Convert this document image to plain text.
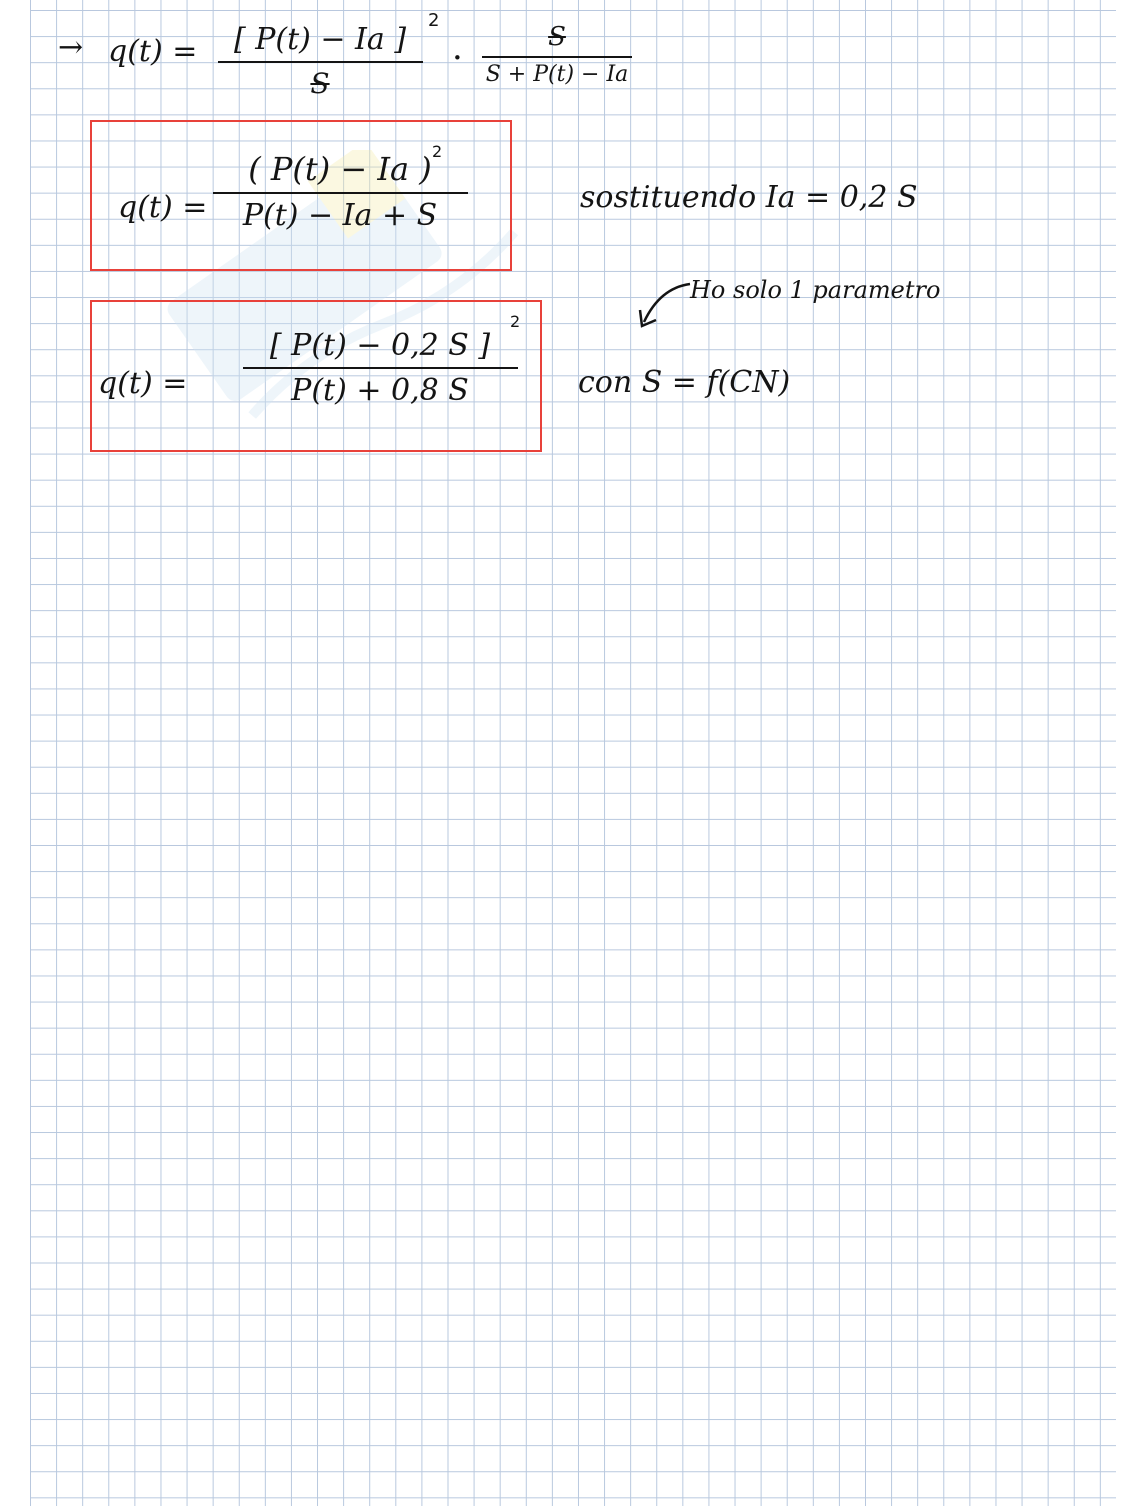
→ q(t) = [ P(t) − Ia ]
S
2
·
S
S + P(t) − Ia
q(t) =
( P(t) − Ia )
P(t) − Ia + S
2
sostituendo Ia = 0,2 S
Ho solo 1 parametro
q(t) =
[ P(t) − 0,2 S ]
P(t) + 0,8 S
2
con S = f(CN)
